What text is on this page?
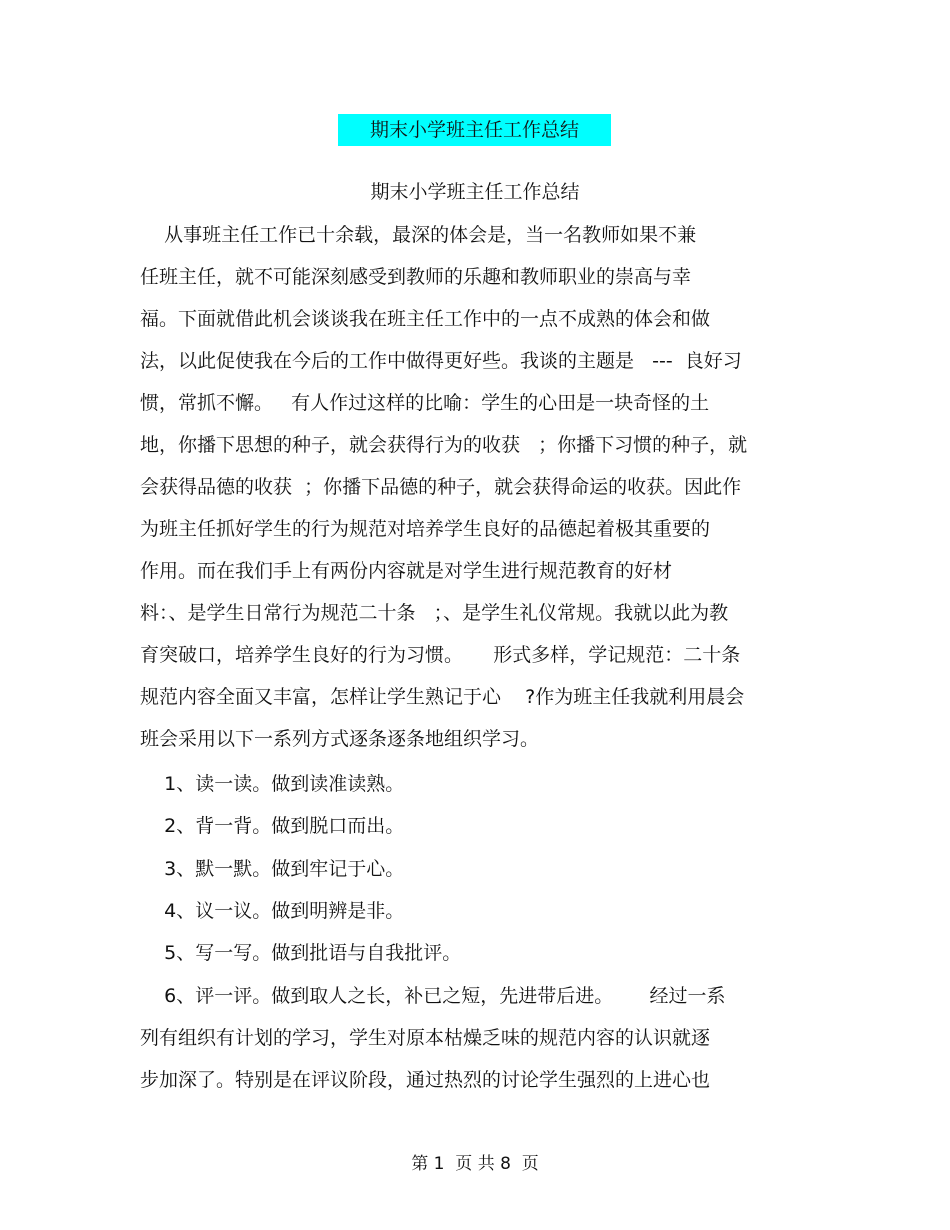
期末小学班主任工作总结
期末小学班主任工作总结
从事班主任工作已十余载，最深的体会是，当一名教师如果不兼
任班主任，就不可能深刻感受到教师的乐趣和教师职业的崇高与幸
福。下面就借此机会谈谈我在班主任工作中的一点不成熟的体会和做
法，以此促使我在今后的工作中做得更好些。我谈的主题是   ---  良好习
惯，常抓不懈。   有人作过这样的比喻：学生的心田是一块奇怪的土
地，你播下思想的种子，就会获得行为的收获   ；你播下习惯的种子，就
会获得品德的收获  ；你播下品德的种子，就会获得命运的收获。因此作
为班主任抓好学生的行为规范对培养学生良好的品德起着极其重要的
作用。而在我们手上有两份内容就是对学生进行规范教育的好材
料：、是学生日常行为规范二十条   ；、是学生礼仪常规。我就以此为教
育突破口，培养学生良好的行为习惯。     形式多样，学记规范：二十条
规范内容全面又丰富，怎样让学生熟记于心    ?作为班主任我就利用晨会
班会采用以下一系列方式逐条逐条地组织学习。
1、读一读。做到读准读熟。
2、背一背。做到脱口而出。
3、默一默。做到牢记于心。
4、议一议。做到明辨是非。
5、写一写。做到批语与自我批评。
6、评一评。做到取人之长，补已之短，先进带后进。      经过一系
列有组织有计划的学习，学生对原本枯燥乏味的规范内容的认识就逐
步加深了。特别是在评议阶段，通过热烈的讨论学生强烈的上进心也
第 1  页 共 8  页
